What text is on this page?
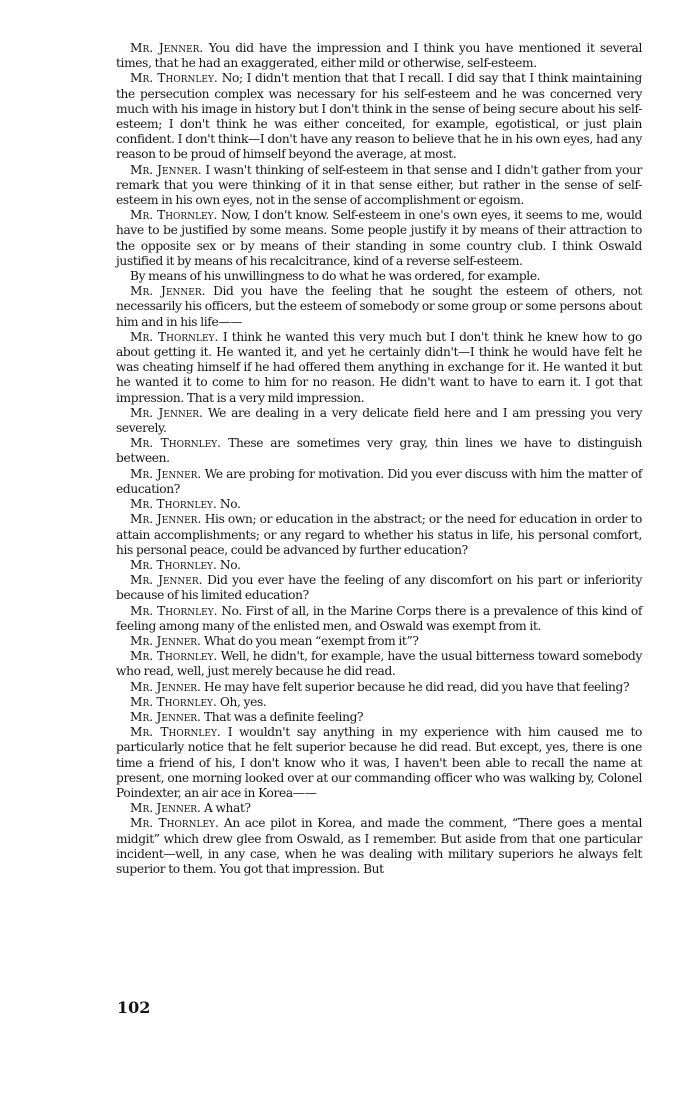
Mr. Jenner. You did have the impression and I think you have mentioned it several times, that he had an exaggerated, either mild or otherwise, self-esteem.

Mr. Thornley. No; I didn't mention that that I recall. I did say that I think maintaining the persecution complex was necessary for his self-esteem and he was concerned very much with his image in history but I don't think in the sense of being secure about his self-esteem; I don't think he was either conceited, for example, egotistical, or just plain confident. I don't think—I don't have any reason to believe that he in his own eyes, had any reason to be proud of himself beyond the average, at most.

Mr. Jenner. I wasn't thinking of self-esteem in that sense and I didn't gather from your remark that you were thinking of it in that sense either, but rather in the sense of self-esteem in his own eyes, not in the sense of accomplishment or egoism.

Mr. Thornley. Now, I don't know. Self-esteem in one's own eyes, it seems to me, would have to be justified by some means. Some people justify it by means of their attraction to the opposite sex or by means of their standing in some country club. I think Oswald justified it by means of his recalcitrance, kind of a reverse self-esteem.

By means of his unwillingness to do what he was ordered, for example.

Mr. Jenner. Did you have the feeling that he sought the esteem of others, not necessarily his officers, but the esteem of somebody or some group or some persons about him and in his life——

Mr. Thornley. I think he wanted this very much but I don't think he knew how to go about getting it. He wanted it, and yet he certainly didn't—I think he would have felt he was cheating himself if he had offered them anything in exchange for it. He wanted it but he wanted it to come to him for no reason. He didn't want to have to earn it. I got that impression. That is a very mild impression.

Mr. Jenner. We are dealing in a very delicate field here and I am pressing you very severely.

Mr. Thornley. These are sometimes very gray, thin lines we have to distinguish between.

Mr. Jenner. We are probing for motivation. Did you ever discuss with him the matter of education?

Mr. Thornley. No.

Mr. Jenner. His own; or education in the abstract; or the need for education in order to attain accomplishments; or any regard to whether his status in life, his personal comfort, his personal peace, could be advanced by further education?

Mr. Thornley. No.

Mr. Jenner. Did you ever have the feeling of any discomfort on his part or inferiority because of his limited education?

Mr. Thornley. No. First of all, in the Marine Corps there is a prevalence of this kind of feeling among many of the enlisted men, and Oswald was exempt from it.

Mr. Jenner. What do you mean “exempt from it”?

Mr. Thornley. Well, he didn't, for example, have the usual bitterness toward somebody who read, well, just merely because he did read.

Mr. Jenner. He may have felt superior because he did read, did you have that feeling?

Mr. Thornley. Oh, yes.

Mr. Jenner. That was a definite feeling?

Mr. Thornley. I wouldn't say anything in my experience with him caused me to particularly notice that he felt superior because he did read. But except, yes, there is one time a friend of his, I don't know who it was, I haven't been able to recall the name at present, one morning looked over at our commanding officer who was walking by, Colonel Poindexter, an air ace in Korea——

Mr. Jenner. A what?

Mr. Thornley. An ace pilot in Korea, and made the comment, “There goes a mental midgit” which drew glee from Oswald, as I remember. But aside from that one particular incident—well, in any case, when he was dealing with military superiors he always felt superior to them. You got that impression. But

102
